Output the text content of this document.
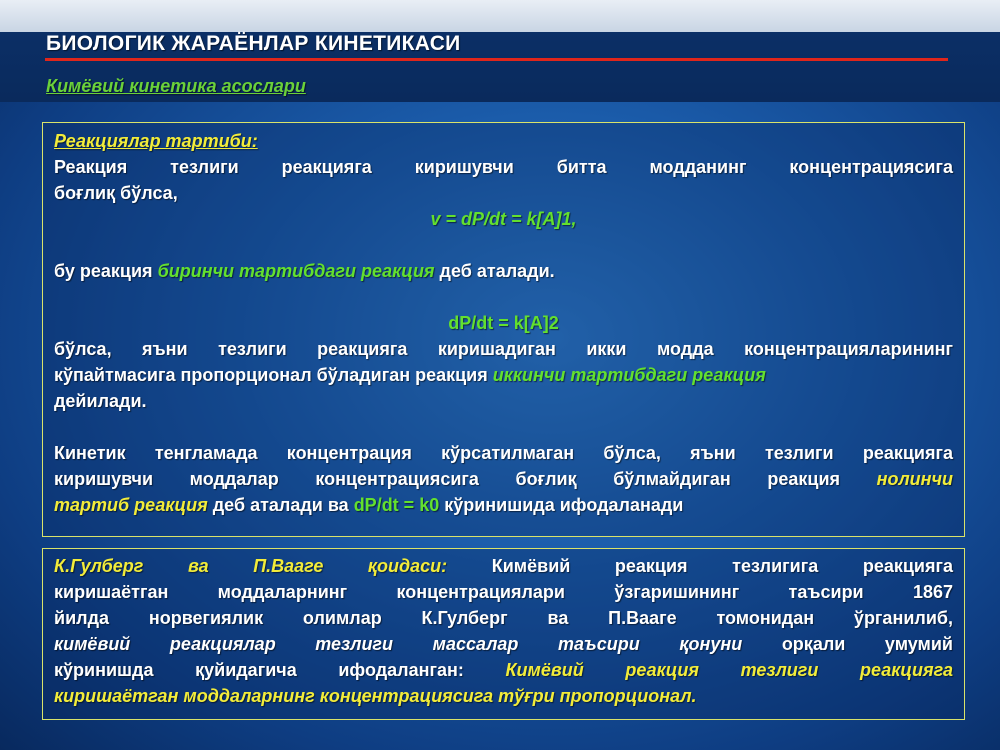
БИОЛОГИК ЖАРАЁНЛАР КИНЕТИКАСИ
Кимёвий кинетика асослари

Реакциялар тартиби:

Реакция тезлиги реакцияга киришувчи битта модданинг концентрациясига

боғлиқ бўлса,

v = dP/dt = k[A]1,

бу реакция биринчи тартибдаги реакция деб аталади.

dP/dt = k[A]2

бўлса, яъни тезлиги реакцияга киришадиган икки модда концентрацияларининг

кўпайтмасига пропорционал бўладиган реакция иккинчи тартибдаги реакция

дейилади.

Кинетик тенгламада концентрация кўрсатилмаган бўлса, яъни тезлиги реакцияга

киришувчи моддалар концентрациясига боғлиқ бўлмайдиган реакция нолинчи

тартиб реакция деб аталади ва dP/dt = k0 кўринишида ифодаланади

К.Гулберг ва П.Вааге қоидаси: Кимёвий реакция тезлигига реакцияга

киришаётган моддаларнинг концентрациялари ўзгаришининг таъсири 1867

йилда норвегиялик олимлар К.Гулберг ва П.Вааге томонидан ўрганилиб,

кимёвий реакциялар тезлиги массалар таъсири қонуни орқали умумий

кўринишда қуйидагича ифодаланган: Кимёвий реакция тезлиги реакцияга

киришаётган моддаларнинг концентрациясига тўғри пропорционал.
